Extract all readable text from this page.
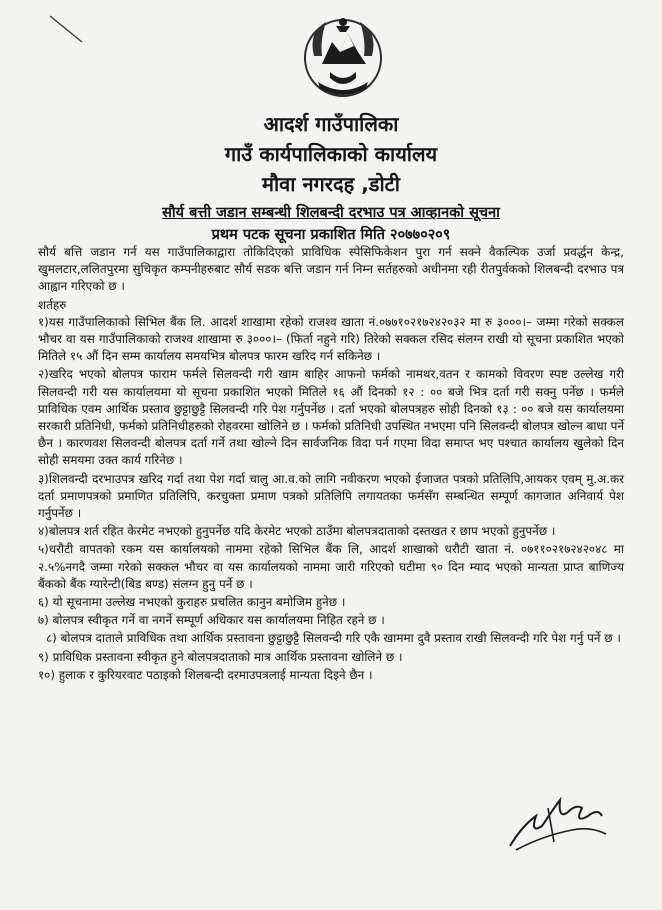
आदर्श गाउँपालिका
गाउँ कार्यपालिकाको कार्यालय
मौवा नगरदह ,डोटी
सौर्य बत्ती जडान सम्बन्धी शिलबन्दी दरभाउ पत्र आव्हानको सूचना
प्रथम पटक सूचना प्रकाशित मिति २०७७०२०९

सौर्य बत्ति जडान गर्न यस गाउँपालिकाद्वारा तोकिदिएको प्राविधिक स्पेसिफिकेशन पुरा गर्न सक्ने वैकल्पिक उर्जा प्रवर्द्धन केन्द्र, खुमलटार,ललितपुरमा सुचिकृत कम्पनीहरुबाट सौर्य सडक बत्ति जडान गर्न निम्न सर्तहरुको अधीनमा रही रीतपुर्वकको शिलबन्दी दरभाउ पत्र आह्वान गरिएको छ ।

शर्तहरु

१)यस गाउँपालिकाको सिभिल बैंक लि. आदर्श शाखामा रहेको राजश्व खाता नं.०७७१०२१७२४२०३२ मा रु ३०००।– जम्मा गरेको सक्कल भौचर वा यस गाउँपालिकाको राजश्व शाखामा रु ३०००।– (फिर्ता नहुने गरि) तिरेको सक्कल रसिद संलग्न राखी यो सूचना प्रकाशित भएको मितिले १५ औं दिन सम्म कार्यालय समयभित्र बोलपत्र फारम खरिद गर्न सकिनेछ ।

२)खरिद भएको बोलपत्र फाराम फर्मले सिलवन्दी गरी खाम बाहिर आफनो फर्मको नामथर,वतन र कामको विवरण स्पष्ट उल्लेख गरी सिलवन्दी गरी यस कार्यालयमा यो सूचना प्रकाशित भएको मितिले १६ औं दिनको १२ : ०० बजे भित्र दर्ता गरी सक्नु पर्नेछ । फर्मले प्राविधिक एवम आर्थिक प्रस्ताव छुट्टाछुट्टै सिलवन्दी गरि पेश गर्नुपर्नेछ । दर्ता भएको बोलपत्रहरु सोही दिनको १३ : ०० बजे यस कार्यालयमा सरकारी प्रतिनिधी, फर्मको प्रतिनिधीहरुको रोहवरमा खोलिने छ । फर्मको प्रतिनिधी उपस्थित नभएमा पनि सिलवन्दी बोलपत्र खोल्न बाधा पर्ने छैन । कारणवश सिलवन्दी बोलपत्र दर्ता गर्ने तथा खोल्ने दिन सार्वजनिक विदा पर्न गएमा विदा समाप्त भए पश्चात कार्यालय खुलेको दिन सोही समयमा उक्त कार्य गरिनेछ ।

३)शिलवन्दी दरभाउपत्र खरिद गर्दा तथा पेश गर्दा चालु आ.व.को लागि नवीकरण भएको ईजाजत पत्रको प्रतिलिपि,आयकर एवम् मु.अ.कर दर्ता प्रमाणपत्रको प्रमाणित प्रतिलिपि, करचुक्ता प्रमाण पत्रको प्रतिलिपि लगायतका फर्मसँग सम्बन्धित सम्पूर्ण कागजात अनिवार्य पेश गर्नुपर्नेछ ।

४)बोलपत्र शर्त रहित केरमेट नभएको हुनुपर्नेछ यदि केरमेट भएको ठाउँमा बोलपत्रदाताको दस्तखत र छाप भएको हुनुपर्नेछ ।

५)धरौटी वापतको रकम यस कार्यालयको नाममा रहेको सिभिल बैंक लि, आदर्श शाखाको धरौटी खाता नं. ०७११०२१७२४२०४८ मा २.५%नगदै जम्मा गरेको सक्कल भौचर वा यस कार्यालयको नाममा जारी गरिएको घटीमा ९० दिन म्याद भएको मान्यता प्राप्त बाणिज्य बैंकको बैंक ग्यारेन्टी(बिड बण्ड) संलग्न हुनु पर्ने छ ।

६) यो सूचनामा उल्लेख नभएको कुराहरु प्रचलित कानुन बमोजिम हुनेछ ।

७) बोलपत्र स्वीकृत गर्ने वा नगर्ने सम्पूर्ण अधिकार यस कार्यालयमा निहित रहने छ ।

८) बोलपत्र दाताले प्राविधिक तथा आर्थिक प्रस्तावना छुट्टाछुट्टै सिलवन्दी गरि एकै खाममा दुवै प्रस्ताव राखी सिलवन्दी गरि पेश गर्नु पर्ने छ ।

९) प्राविधिक प्रस्तावना स्वीकृत हुने बोलपत्रदाताको मात्र आर्थिक प्रस्तावना खोलिने छ ।

१०) हुलाक र कुरियरवाट पठाइको शिलबन्दी दरमाउपत्रलाई मान्यता दिइने छैन ।
